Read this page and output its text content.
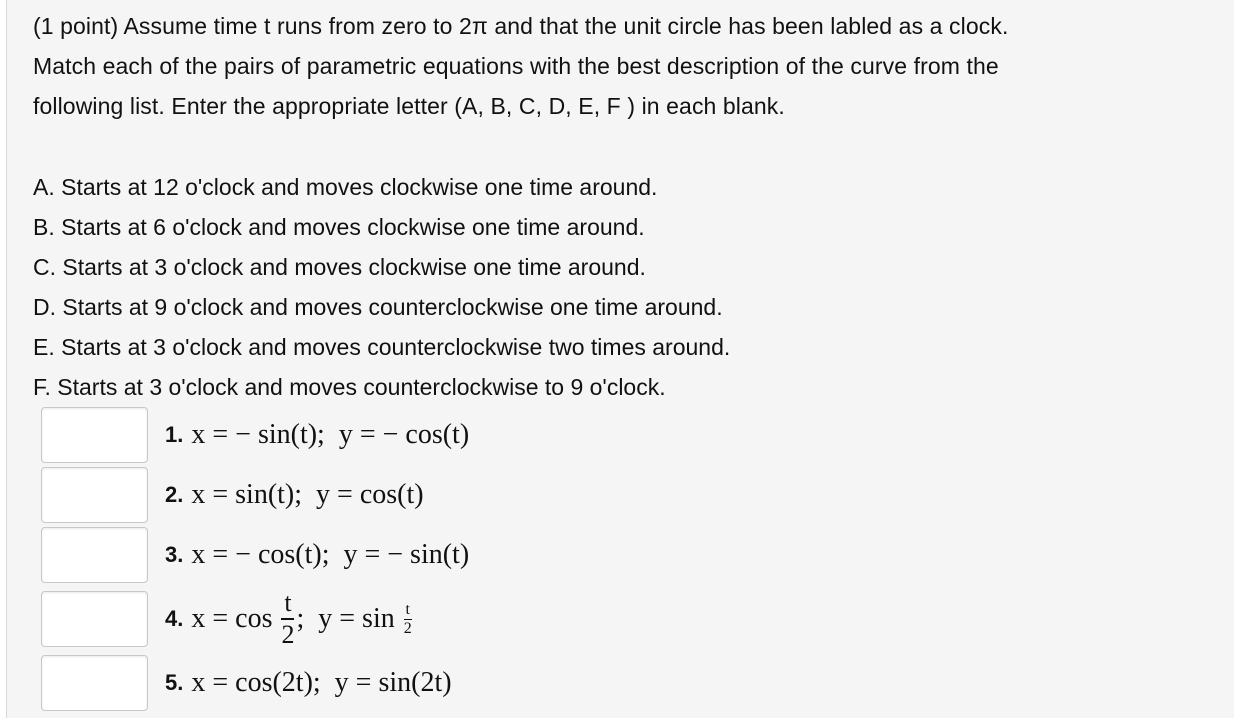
(1 point) Assume time t runs from zero to 2π and that the unit circle has been labled as a clock.
Match each of the pairs of parametric equations with the best description of the curve from the
following list. Enter the appropriate letter (A, B, C, D, E, F ) in each blank.
A. Starts at 12 o'clock and moves clockwise one time around.
B. Starts at 6 o'clock and moves clockwise one time around.
C. Starts at 3 o'clock and moves clockwise one time around.
D. Starts at 9 o'clock and moves counterclockwise one time around.
E. Starts at 3 o'clock and moves counterclockwise two times around.
F. Starts at 3 o'clock and moves counterclockwise to 9 o'clock.
1. x = − sin(t);  y = − cos(t)
2. x = sin(t);  y = cos(t)
3. x = − cos(t);  y = − sin(t)
4. $x = \cos \frac{t}{2}$ ;  $y = \sin \frac{t}{2}$
5. x = cos(2t);  y = sin(2t)
